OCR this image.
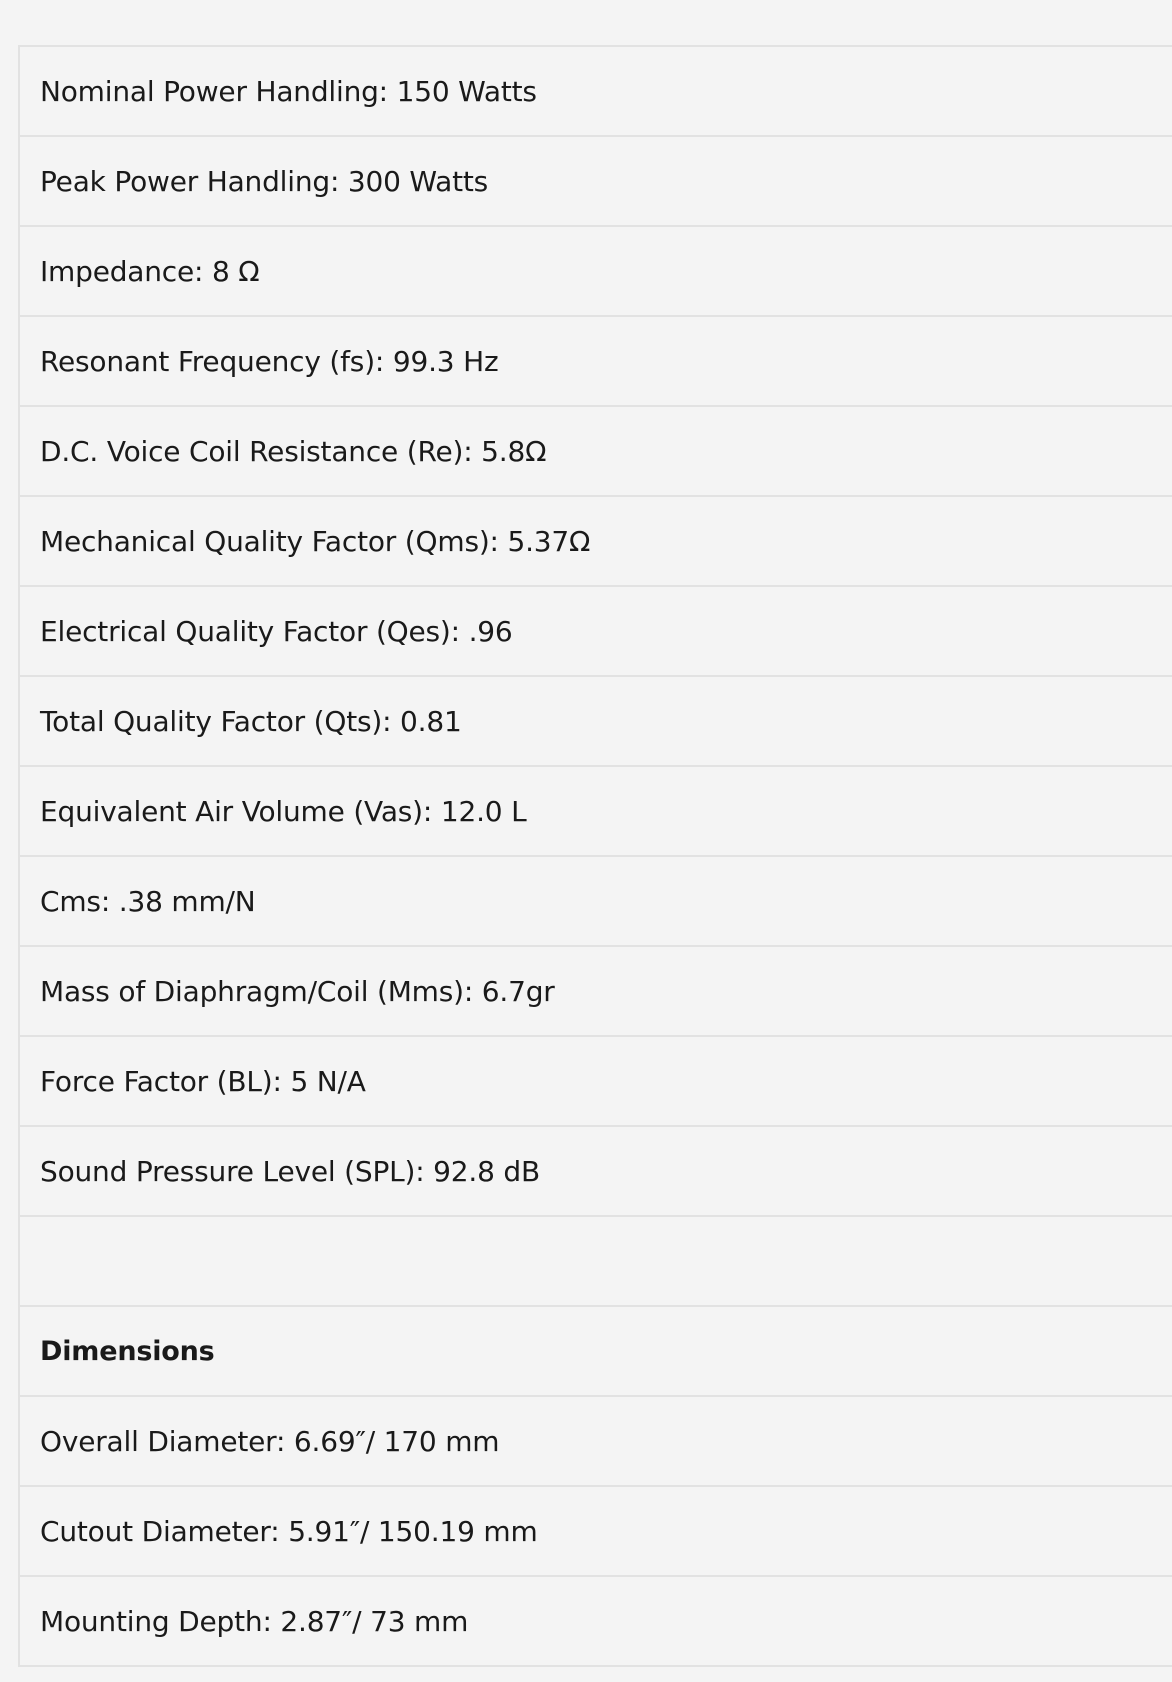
Nominal Power Handling: 150 Watts
Peak Power Handling: 300 Watts
Impedance: 8 Ω
Resonant Frequency (fs): 99.3 Hz
D.C. Voice Coil Resistance (Re): 5.8Ω
Mechanical Quality Factor (Qms): 5.37Ω
Electrical Quality Factor (Qes): .96
Total Quality Factor (Qts): 0.81
Equivalent Air Volume (Vas): 12.0 L
Cms: .38 mm/N
Mass of Diaphragm/Coil (Mms): 6.7gr
Force Factor (BL): 5 N/A
Sound Pressure Level (SPL): 92.8 dB
Dimensions
Overall Diameter: 6.69″/ 170 mm
Cutout Diameter: 5.91″/ 150.19 mm
Mounting Depth: 2.87″/ 73 mm
